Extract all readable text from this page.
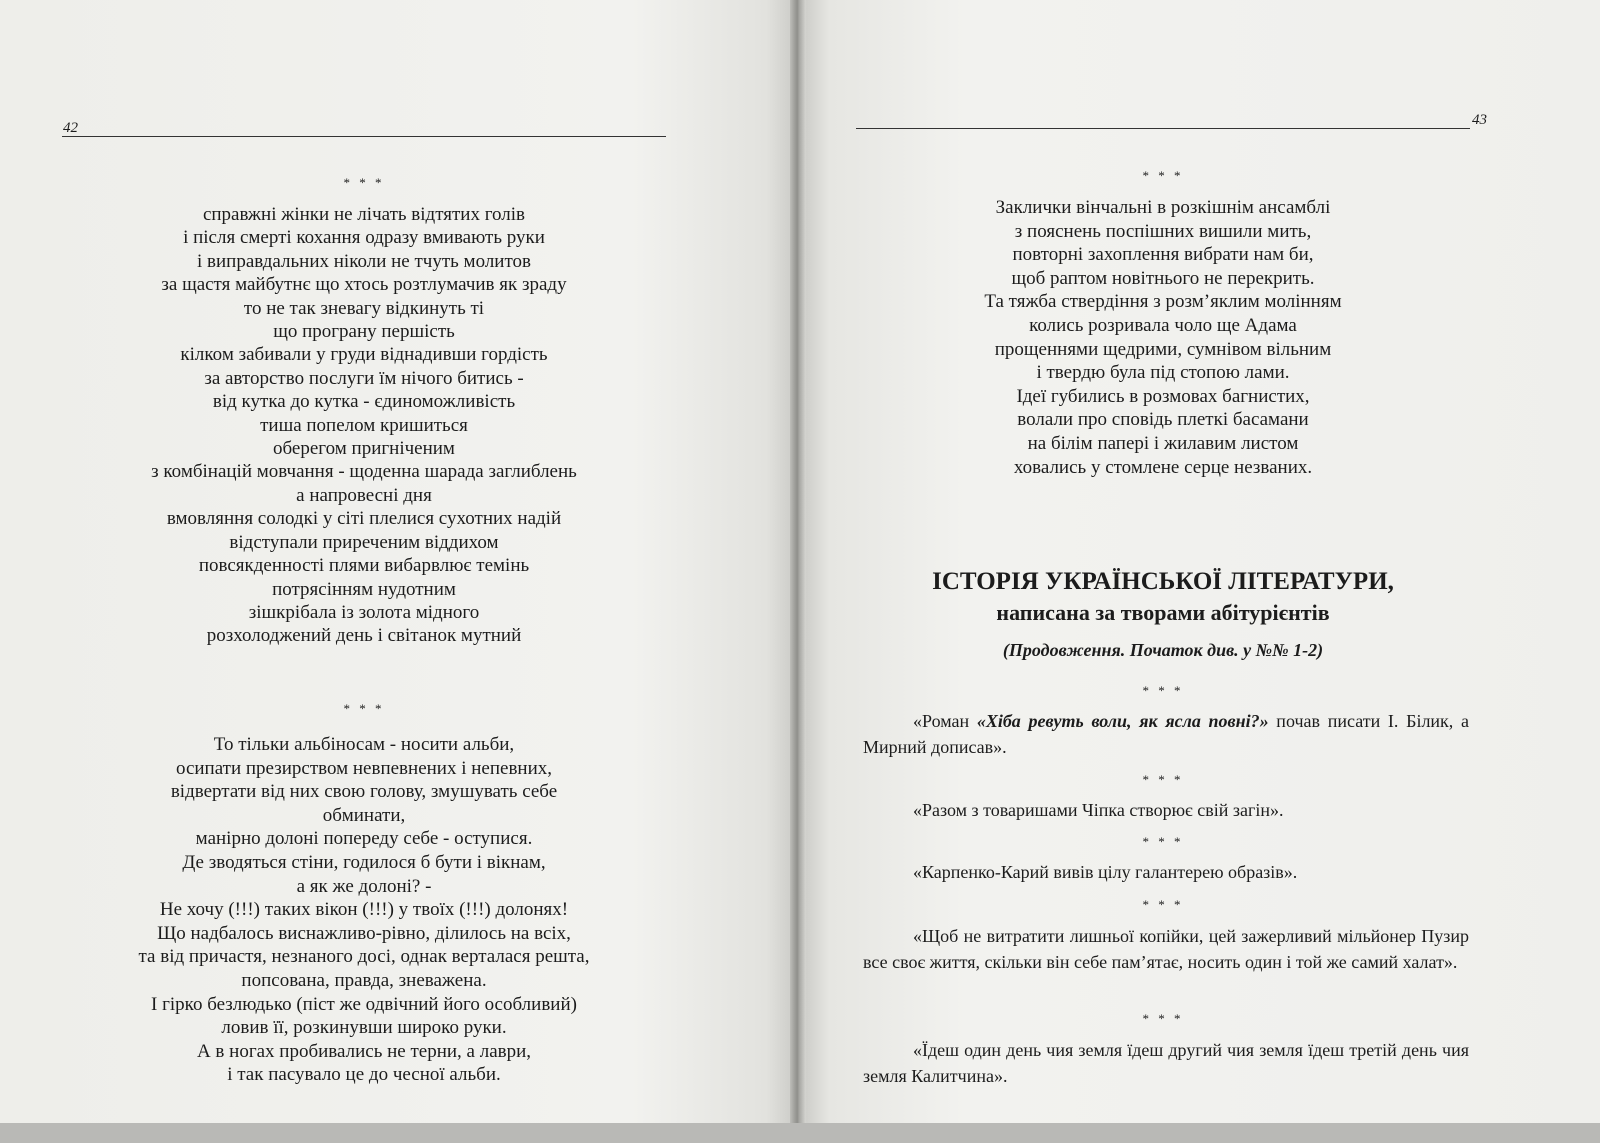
42
* * *
справжні жінки не лічать відтятих голів
і після смерті кохання одразу вмивають руки
і виправдальних ніколи не тчуть молитов
за щастя майбутнє що хтось розтлумачив як зраду
то не так зневагу відкинуть ті
що програну першість
кілком забивали у груди віднадивши гордість
за авторство послуги їм нічого битись -
від кутка до кутка - єдиноможливість
тиша попелом кришиться
оберегом пригніченим
з комбінацій мовчання - щоденна шарада заглиблень
а напровесні дня
вмовляння солодкі у сіті плелися сухотних надій
відступали приреченим віддихом
повсякденності плями вибарвлює темінь
потрясінням нудотним
зішкрібала із золота мідного
розхолоджений день і світанок мутний
* * *
То тільки альбіносам - носити альби,
осипати презирством невпевнених і непевних,
відвертати від них свою голову, змушувать себе
обминати,
манірно долоні попереду себе - оступися.
Де зводяться стіни, годилося б бути і вікнам,
а як же долоні? -
Не хочу (!!!) таких вікон (!!!) у твоїх (!!!) долонях!
Що надбалось виснажливо-рівно, ділилось на всіх,
та від причастя, незнаного досі, однак верталася решта,
попсована, правда, зневажена.
І гірко безлюдько (піст же одвічний його особливий)
ловив її, розкинувши широко руки.
А в ногах пробивались не терни, а лаври,
і так пасувало це до чесної альби.
43
* * *
Заклички вінчальні в розкішнім ансамблі
з пояснень поспішних вишили мить,
повторні захоплення вибрати нам би,
щоб раптом новітнього не перекрить.
Та тяжба ствердіння з розм’яклим молінням
колись розривала чоло ще Адама
прощеннями щедрими, сумнівом вільним
і твердю була під стопою лами.
Ідеї губились в розмовах багнистих,
волали про сповідь плеткі басамани
на білім папері і жилавим листом
ховались у стомлене серце незваних.
ІСТОРІЯ УКРАЇНСЬКОЇ ЛІТЕРАТУРИ,
написана за творами абітурієнтів
(Продовження. Початок див. у №№ 1-2)
* * *
«Роман «Хіба ревуть воли, як ясла повні?» почав писати І. Білик, а Мирний дописав».
* * *
«Разом з товаришами Чіпка створює свій загін».
* * *
«Карпенко-Карий вивів цілу галантерею образів».
* * *
«Щоб не витратити лишньої копійки, цей зажерливий мільйонер Пузир все своє життя, скільки він себе пам’ятає, носить один і той же самий халат».
* * *
«Їдеш один день чия земля їдеш другий чия земля їдеш третій день чия земля Калитчина».
